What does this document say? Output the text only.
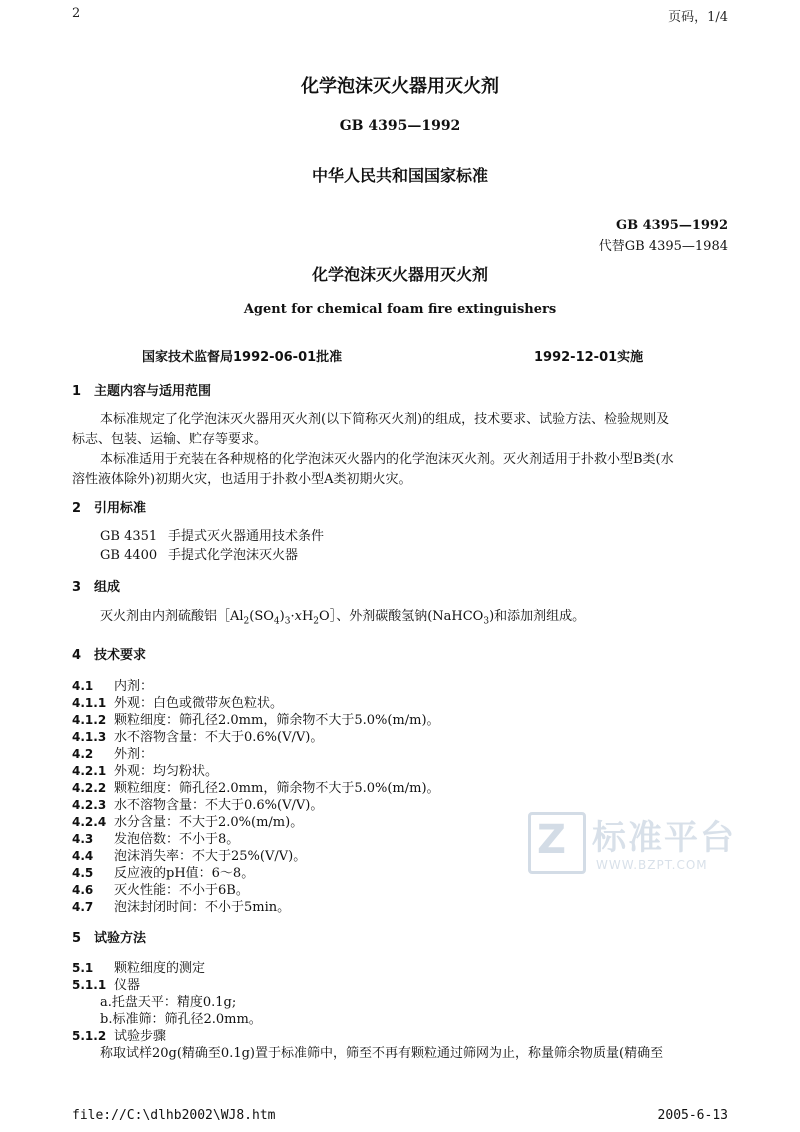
2	页码，1/4
化学泡沫灭火器用灭火剂
GB 4395—1992
中华人民共和国国家标准
GB 4395—1992
代替GB 4395—1984
化学泡沫灭火器用灭火剂
Agent for chemical foam fire extinguishers
国家技术监督局1992-06-01批准	1992-12-01实施
1 主题内容与适用范围
本标准规定了化学泡沫灭火器用灭火剂(以下简称灭火剂)的组成，技术要求、试验方法、检验规则及
标志、包装、运输、贮存等要求。
本标准适用于充装在各种规格的化学泡沫灭火器内的化学泡沫灭火剂。灭火剂适用于扑救小型B类(水
溶性液体除外)初期火灾，也适用于扑救小型A类初期火灾。
2 引用标准
GB 4351 手提式灭火器通用技术条件
GB 4400 手提式化学泡沫灭火器
3 组成
灭火剂由内剂硫酸铝$[Al_2(SO_4)_3\cdot xH_2O]$、外剂碳酸氢钠(NaHCO$_3$)和添加剂组成。
4 技术要求
4.1 内剂：
4.1.1 外观：白色或微带灰色粒状。
4.1.2 颗粒细度：筛孔径2.0mm，筛余物不大于5.0%(m/m)。
4.1.3 水不溶物含量：不大于0.6%(V/V)。
4.2 外剂：
4.2.1 外观：均匀粉状。
4.2.2 颗粒细度：筛孔径2.0mm，筛余物不大于5.0%(m/m)。
4.2.3 水不溶物含量：不大于0.6%(V/V)。
4.2.4 水分含量：不大于2.0%(m/m)。
4.3 发泡倍数：不小于8。
4.4 泡沫消失率：不大于25%(V/V)。
4.5 反应液的pH值：6～8。
4.6 灭火性能：不小于6B。
4.7 泡沫封闭时间：不小于5min。
Z 标准平台
WWW.BZPT.COM
5 试验方法
5.1 颗粒细度的测定
5.1.1 仪器
a.托盘天平：精度0.1g;
b.标准筛：筛孔径2.0mm。
5.1.2 试验步骤
称取试样20g(精确至0.1g)置于标准筛中，筛至不再有颗粒通过筛网为止，称量筛余物质量(精确至
file://C:\dlhb2002\WJ8.htm	2005-6-13
